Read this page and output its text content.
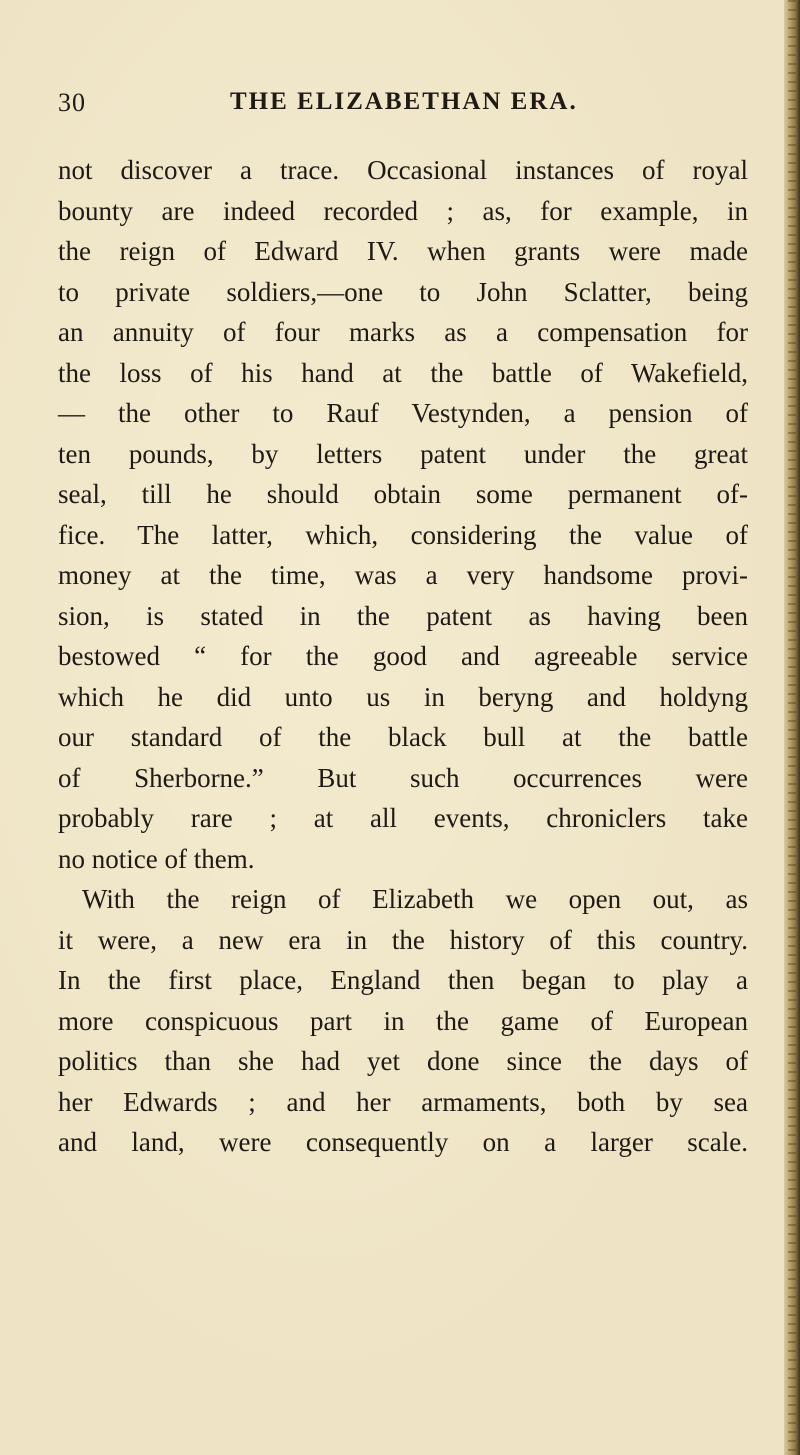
30	THE ELIZABETHAN ERA.
not discover a trace. Occasional instances of royal
bounty are indeed recorded ; as, for example, in
the reign of Edward IV. when grants were made
to private soldiers,—one to John Sclatter, being
an annuity of four marks as a compensation for
the loss of his hand at the battle of Wakefield,
— the other to Rauf Vestynden, a pension of
ten pounds, by letters patent under the great
seal, till he should obtain some permanent of-
fice. The latter, which, considering the value of
money at the time, was a very handsome provi-
sion, is stated in the patent as having been
bestowed “ for the good and agreeable service
which he did unto us in beryng and holdyng
our standard of the black bull at the battle
of Sherborne.” But such occurrences were
probably rare ; at all events, chroniclers take
no notice of them.
With the reign of Elizabeth we open out, as
it were, a new era in the history of this country.
In the first place, England then began to play a
more conspicuous part in the game of European
politics than she had yet done since the days of
her Edwards ; and her armaments, both by sea
and land, were consequently on a larger scale.
